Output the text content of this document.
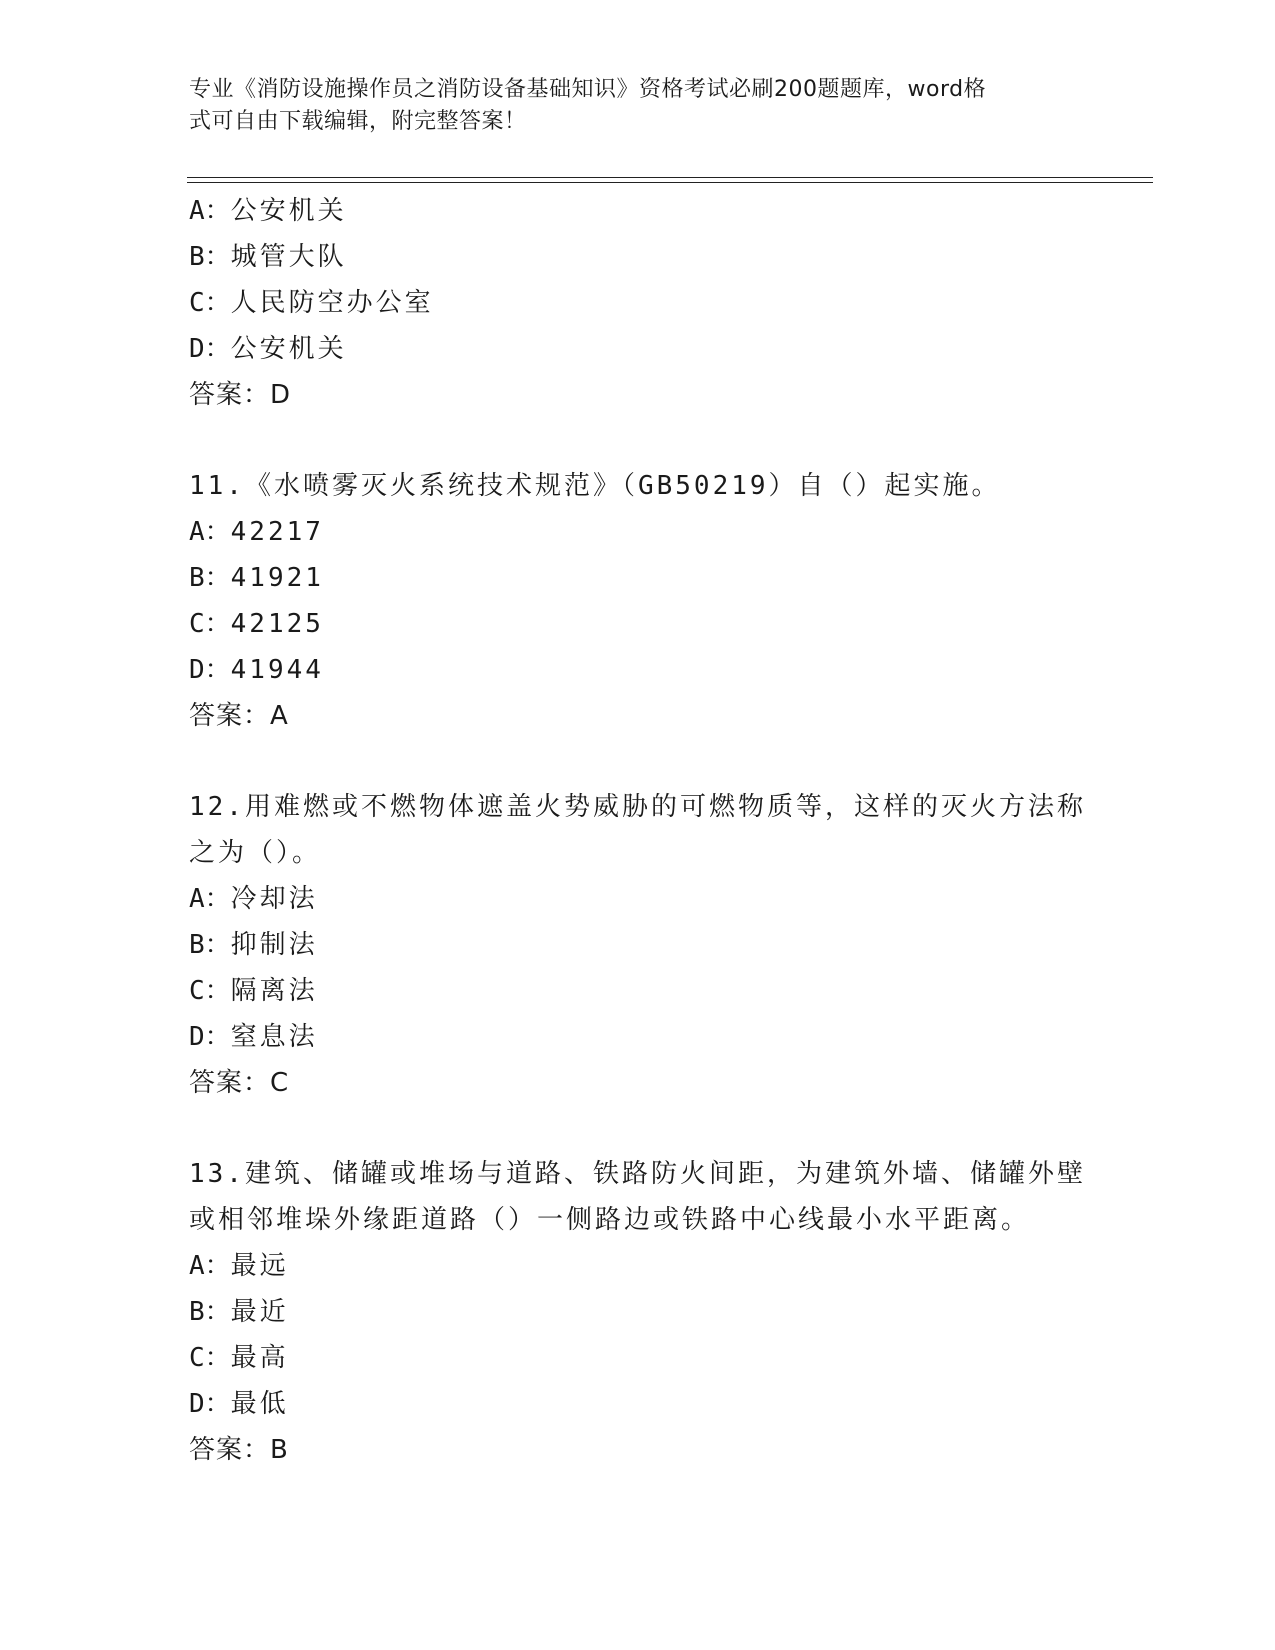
专业《消防设施操作员之消防设备基础知识》资格考试必刷200题题库，word格
式可自由下载编辑，附完整答案！
A：公安机关
B：城管大队
C：人民防空办公室
D：公安机关
答案：D
11.《水喷雾灭火系统技术规范》（GB50219）自（）起实施。
A：42217
B：41921
C：42125
D：41944
答案：A
12.用难燃或不燃物体遮盖火势威胁的可燃物质等，这样的灭火方法称
之为（）。
A：冷却法
B：抑制法
C：隔离法
D：窒息法
答案：C
13.建筑、储罐或堆场与道路、铁路防火间距，为建筑外墙、储罐外壁
或相邻堆垛外缘距道路（）一侧路边或铁路中心线最小水平距离。
A：最远
B：最近
C：最高
D：最低
答案：B
